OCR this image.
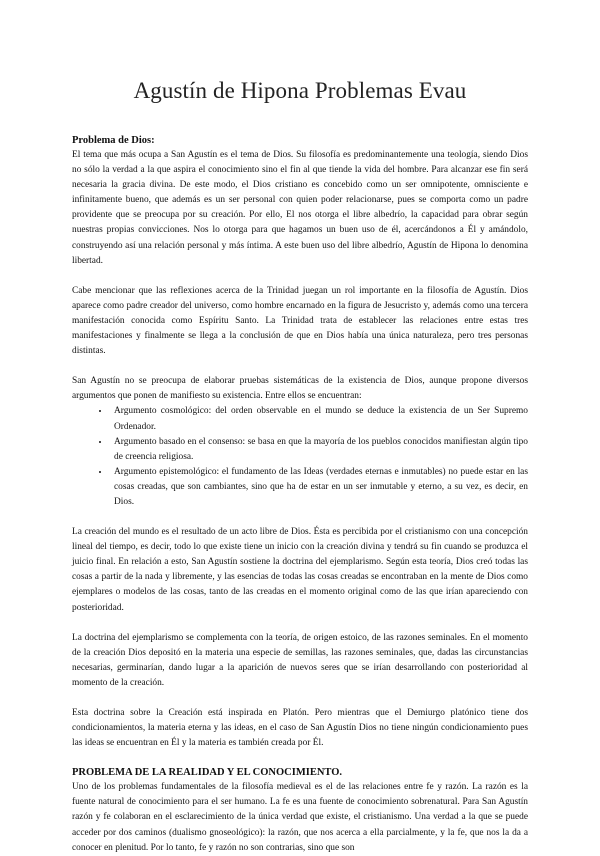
Agustín de Hipona Problemas Evau
Problema de Dios:

El tema que más ocupa a San Agustín es el tema de Dios. Su filosofía es predominantemente una teología, siendo Dios no sólo la verdad a la que aspira el conocimiento sino el fin al que tiende la vida del hombre. Para alcanzar ese fin será necesaria la gracia divina. De este modo, el Dios cristiano es concebido como un ser omnipotente, omnisciente e infinitamente bueno, que además es un ser personal con quien poder relacionarse, pues se comporta como un padre providente que se preocupa por su creación. Por ello, El nos otorga el libre albedrío, la capacidad para obrar según nuestras propias convicciones. Nos lo otorga para que hagamos un buen uso de él, acercándonos a Él y amándolo, construyendo así una relación personal y más íntima. A este buen uso del libre albedrío, Agustín de Hipona lo denomina libertad.

Cabe mencionar que las reflexiones acerca de la Trinidad juegan un rol importante en la filosofía de Agustín. Dios aparece como padre creador del universo, como hombre encarnado en la figura de Jesucristo y, además como una tercera manifestación conocida como Espíritu Santo. La Trinidad trata de establecer las relaciones entre estas tres manifestaciones y finalmente se llega a la conclusión de que en Dios había una única naturaleza, pero tres personas distintas.

San Agustín no se preocupa de elaborar pruebas sistemáticas de la existencia de Dios, aunque propone diversos argumentos que ponen de manifiesto su existencia. Entre ellos se encuentran:

• Argumento cosmológico: del orden observable en el mundo se deduce la existencia de un Ser Supremo Ordenador.
• Argumento basado en el consenso: se basa en que la mayoría de los pueblos conocidos manifiestan algún tipo de creencia religiosa.
• Argumento epistemológico: el fundamento de las Ideas (verdades eternas e inmutables) no puede estar en las cosas creadas, que son cambiantes, sino que ha de estar en un ser inmutable y eterno, a su vez, es decir, en Dios.

La creación del mundo es el resultado de un acto libre de Dios. Ésta es percibida por el cristianismo con una concepción lineal del tiempo, es decir, todo lo que existe tiene un inicio con la creación divina y tendrá su fin cuando se produzca el juicio final. En relación a esto, San Agustín sostiene la doctrina del ejemplarismo. Según esta teoría, Dios creó todas las cosas a partir de la nada y libremente, y las esencias de todas las cosas creadas se encontraban en la mente de Dios como ejemplares o modelos de las cosas, tanto de las creadas en el momento original como de las que irían apareciendo con posterioridad.

La doctrina del ejemplarismo se complementa con la teoría, de origen estoico, de las razones seminales. En el momento de la creación Dios depositó en la materia una especie de semillas, las razones seminales, que, dadas las circunstancias necesarias, germinarían, dando lugar a la aparición de nuevos seres que se irían desarrollando con posterioridad al momento de la creación.

Esta doctrina sobre la Creación está inspirada en Platón. Pero mientras que el Demiurgo platónico tiene dos condicionamientos, la materia eterna y las ideas, en el caso de San Agustín Dios no tiene ningún condicionamiento pues las ideas se encuentran en Él y la materia es también creada por Él.

PROBLEMA DE LA REALIDAD Y EL CONOCIMIENTO.

Uno de los problemas fundamentales de la filosofía medieval es el de las relaciones entre fe y razón. La razón es la fuente natural de conocimiento para el ser humano. La fe es una fuente de conocimiento sobrenatural. Para San Agustín razón y fe colaboran en el esclarecimiento de la única verdad que existe, el cristianismo. Una verdad a la que se puede acceder por dos caminos (dualismo gnoseológico): la razón, que nos acerca a ella parcialmente, y la fe, que nos la da a conocer en plenitud. Por lo tanto, fe y razón no son contrarias, sino que son
